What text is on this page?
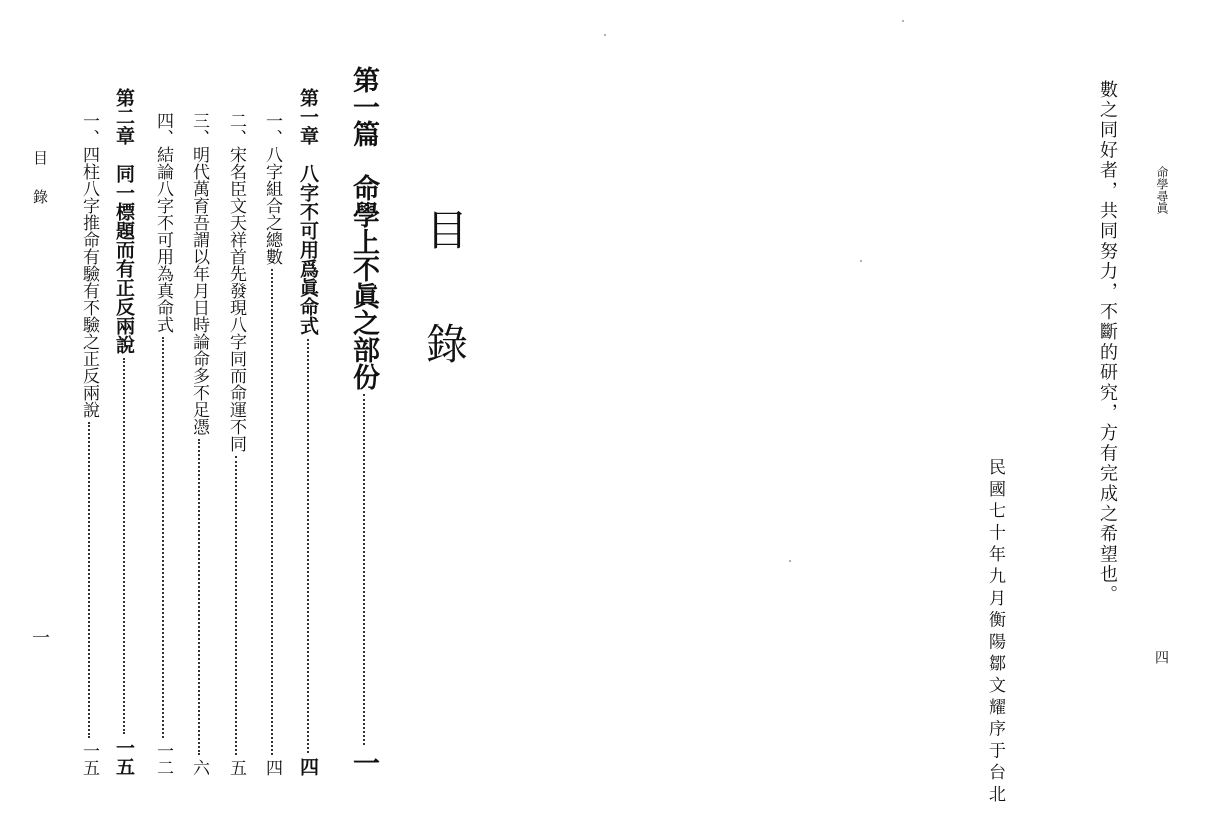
目錄
一
目錄
第一篇　命學上不眞之部份
一
第一章　八字不可用爲眞命式
四
一、八字組合之總數
四
二、宋名臣文天祥首先發現八字同而命運不同
五
三、明代萬育吾謂以年月日時論命多不足憑
六
四、結論八字不可用為真命式
一二
第二章　同一標題而有正反兩說
一五
一、四柱八字推命有驗有不驗之正反兩說
一五
命學尋眞
四
數之同好者，共同努力，不斷的研究，方有完成之希望也。
民國七十年九月衡陽鄒文耀序于台北
